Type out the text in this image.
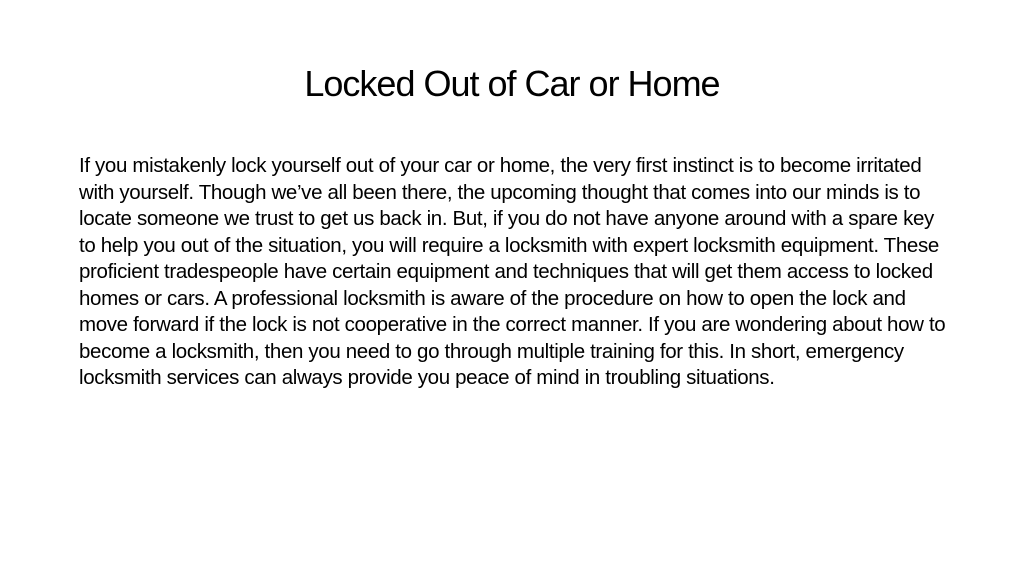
Locked Out of Car or Home

If you mistakenly lock yourself out of your car or home, the very first instinct is to become irritated with yourself. Though we’ve all been there, the upcoming thought that comes into our minds is to locate someone we trust to get us back in. But, if you do not have anyone around with a spare key to help you out of the situation, you will require a locksmith with expert locksmith equipment. These proficient tradespeople have certain equipment and techniques that will get them access to locked homes or cars. A professional locksmith is aware of the procedure on how to open the lock and move forward if the lock is not cooperative in the correct manner. If you are wondering about how to become a locksmith, then you need to go through multiple training for this. In short, emergency locksmith services can always provide you peace of mind in troubling situations.
